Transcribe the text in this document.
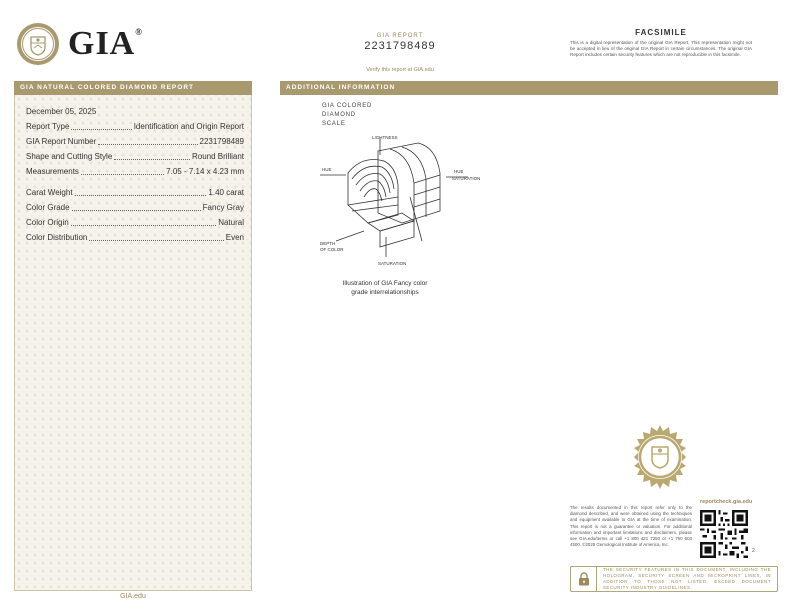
GIA®	GIA REPORT
2231798489
Verify this report at GIA.edu
FACSIMILE
This is a digital representation of the original GIA Report. This representation might not be accepted in lieu of the original GIA Report in certain circumstances. The original GIA Report includes certain security features which are not reproducible in this facsimile.
GIA NATURAL COLORED DIAMOND REPORT	ADDITIONAL INFORMATION
December 05, 2025
Report Type	Identification and Origin Report
GIA Report Number	2231798489
Shape and Cutting Style	Round Brilliant
Measurements	7.05 - 7.14 x 4.23 mm
Carat Weight	1.40 carat
Color Grade	Fancy Gray
Color Origin	Natural
Color Distribution	Even
GIA.edu
GIA COLORED
DIAMOND
SCALE
LIGHTNESS
HUE	HUE
SATURATION
DEPTH
OF COLOR
SATURATION
Illustration of GIA Fancy color
grade interrelationships
reportcheck.gia.edu
The results documented in this report refer only to the diamond described, and were obtained using the techniques and equipment available to GIA at the time of examination. This report is not a guarantee or valuation. For additional information and important limitations and disclaimers, please see GIA.edu/terms or call +1 800 421 7250 or +1 760 603 4500. ©2025 Gemological Institute of America, Inc.
2
THE SECURITY FEATURES IN THIS DOCUMENT, INCLUDING THE HOLOGRAM, SECURITY SCREEN AND MICROPRINT LINES, IN ADDITION TO THOSE NOT LISTED, EXCEED DOCUMENT SECURITY INDUSTRY GUIDELINES.
